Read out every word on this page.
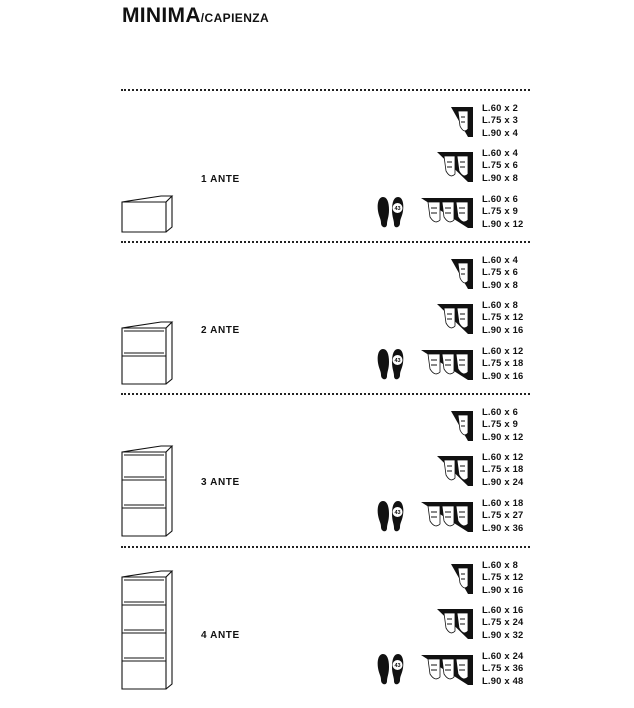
MINIMA/CAPIENZA
1 ANTE
L.60 x 2
L.75 x 3
L.90 x 4
L.60 x 4
L.75 x 6
L.90 x 8
43
L.60 x 6
L.75 x 9
L.90 x 12
2 ANTE
L.60 x 4
L.75 x 6
L.90 x 8
L.60 x 8
L.75 x 12
L.90 x 16
43
L.60 x 12
L.75 x 18
L.90 x 16
3 ANTE
L.60 x 6
L.75 x 9
L.90 x 12
L.60 x 12
L.75 x 18
L.90 x 24
43
L.60 x 18
L.75 x 27
L.90 x 36
4 ANTE
L.60 x 8
L.75 x 12
L.90 x 16
L.60 x 16
L.75 x 24
L.90 x 32
43
L.60 x 24
L.75 x 36
L.90 x 48
